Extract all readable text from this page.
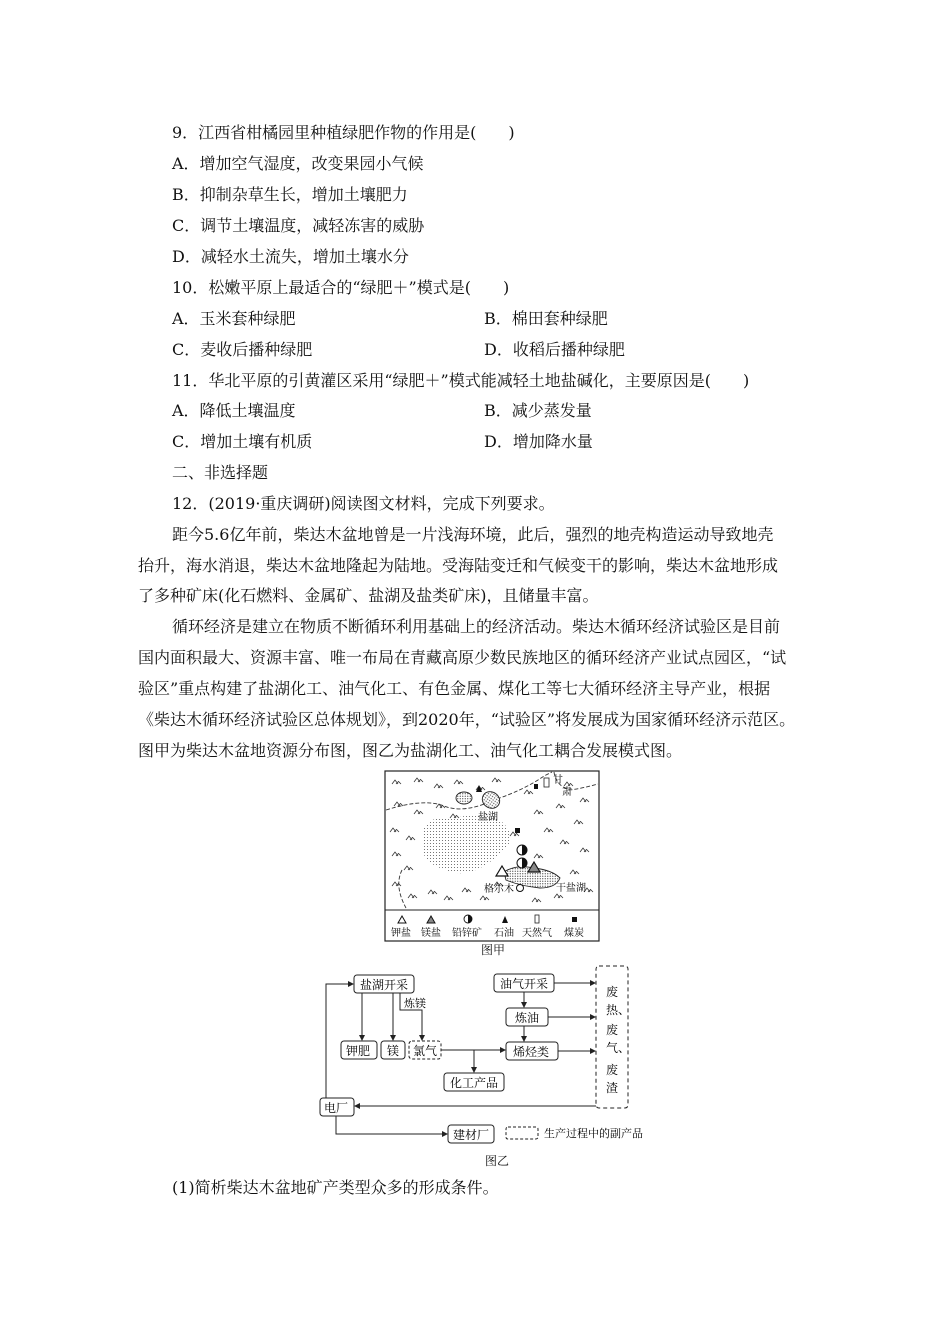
9．江西省柑橘园里种植绿肥作物的作用是(　　)
A．增加空气湿度，改变果园小气候
B．抑制杂草生长，增加土壤肥力
C．调节土壤温度，减轻冻害的威胁
D．减轻水土流失，增加土壤水分
10．松嫩平原上最适合的“绿肥＋”模式是(　　)
A．玉米套种绿肥	B．棉田套种绿肥
C．麦收后播种绿肥	D．收稻后播种绿肥
11．华北平原的引黄灌区采用“绿肥＋”模式能减轻土地盐碱化，主要原因是(　　)
A．降低土壤温度	B．减少蒸发量
C．增加土壤有机质	D．增加降水量
二、非选择题
12．(2019·重庆调研)阅读图文材料，完成下列要求。
距今5.6亿年前，柴达木盆地曾是一片浅海环境，此后，强烈的地壳构造运动导致地壳
抬升，海水消退，柴达木盆地隆起为陆地。受海陆变迁和气候变干的影响，柴达木盆地形成
了多种矿床(化石燃料、金属矿、盐湖及盐类矿床)，且储量丰富。
循环经济是建立在物质不断循环利用基础上的经济活动。柴达木循环经济试验区是目前
国内面积最大、资源丰富、唯一布局在青藏高原少数民族地区的循环经济产业试点园区，“试
验区”重点构建了盐湖化工、油气化工、有色金属、煤化工等七大循环经济主导产业，根据
《柴达木循环经济试验区总体规划》，到2020年，“试验区”将发展成为国家循环经济示范区。
图甲为柴达木盆地资源分布图，图乙为盐湖化工、油气化工耦合发展模式图。
甘
肃
盐湖
格尔木	干盐湖
钾盐 镁盐 铅锌矿 石油 天然气 煤炭
图甲
盐湖开采
炼镁
钾肥 镁 氯气
油气开采
炼油
烯烃类
化工产品
电厂
建材厂
废
热、
废
气、
废
渣
生产过程中的副产品
图乙
(1)简析柴达木盆地矿产类型众多的形成条件。
